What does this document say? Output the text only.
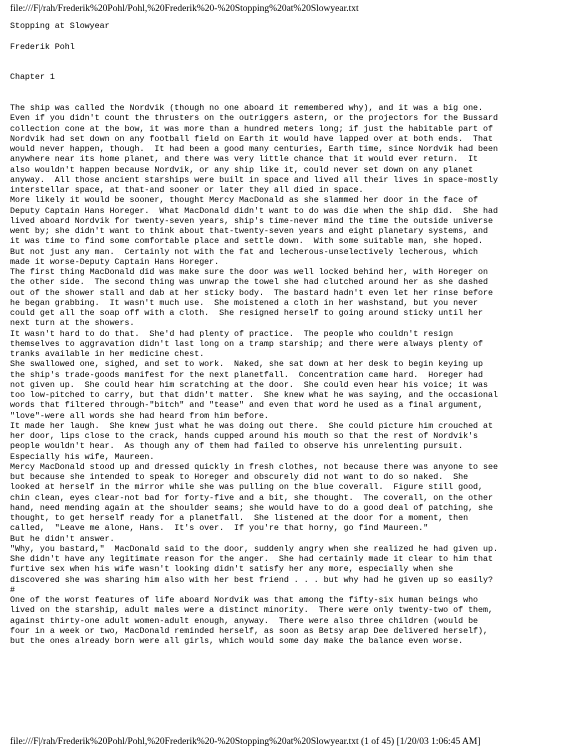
file:///F|/rah/Frederik%20Pohl/Pohl,%20Frederik%20-%20Stopping%20at%20Slowyear.txt
Stopping at Slowyear
Frederik Pohl
Chapter 1
The ship was called the Nordvik (though no one aboard it remembered why), and it was a big one.
Even if you didn't count the thrusters on the outriggers astern, or the projectors for the Bussard
collection cone at the bow, it was more than a hundred meters long; if just the habitable part of
Nordvik had set down on any football field on Earth it would have lapped over at both ends.  That
would never happen, though.  It had been a good many centuries, Earth time, since Nordvik had been
anywhere near its home planet, and there was very little chance that it would ever return.  It
also wouldn't happen because Nordvik, or any ship like it, could never set down on any planet
anyway.  All those ancient starships were built in space and lived all their lives in space-mostly
interstellar space, at that-and sooner or later they all died in space.
More likely it would be sooner, thought Mercy MacDonald as she slammed her door in the face of
Deputy Captain Hans Horeger.  What MacDonald didn't want to do was die when the ship did.  She had
lived aboard Nordvik for twenty-seven years, ship's time-never mind the time the outside universe
went by; she didn't want to think about that-twenty-seven years and eight planetary systems, and
it was time to find some comfortable place and settle down.  With some suitable man, she hoped.
But not just any man.  Certainly not with the fat and lecherous-unselectively lecherous, which
made it worse-Deputy Captain Hans Horeger.
The first thing MacDonald did was make sure the door was well locked behind her, with Horeger on
the other side.  The second thing was unwrap the towel she had clutched around her as she dashed
out of the shower stall and dab at her sticky body.  The bastard hadn't even let her rinse before
he began grabbing.  It wasn't much use.  She moistened a cloth in her washstand, but you never
could get all the soap off with a cloth.  She resigned herself to going around sticky until her
next turn at the showers.
It wasn't hard to do that.  She'd had plenty of practice.  The people who couldn't resign
themselves to aggravation didn't last long on a tramp starship; and there were always plenty of
tranks available in her medicine chest.
She swallowed one, sighed, and set to work.  Naked, she sat down at her desk to begin keying up
the ship's trade-goods manifest for the next planetfall.  Concentration came hard.  Horeger had
not given up.  She could hear him scratching at the door.  She could even hear his voice; it was
too low-pitched to carry, but that didn't matter.  She knew what he was saying, and the occasional
words that filtered through-"bitch" and "tease" and even that word he used as a final argument,
"love"-were all words she had heard from him before.
It made her laugh.  She knew just what he was doing out there.  She could picture him crouched at
her door, lips close to the crack, hands cupped around his mouth so that the rest of Nordvik's
people wouldn't hear.  As though any of them had failed to observe his unrelenting pursuit.
Especially his wife, Maureen.
Mercy MacDonald stood up and dressed quickly in fresh clothes, not because there was anyone to see
but because she intended to speak to Horeger and obscurely did not want to do so naked.  She
looked at herself in the mirror while she was pulling on the blue coverall.  Figure still good,
chin clean, eyes clear-not bad for forty-five and a bit, she thought.  The coverall, on the other
hand, need mending again at the shoulder seams; she would have to do a good deal of patching, she
thought, to get herself ready for a planetfall.  She listened at the door for a moment, then
called,  "Leave me alone, Hans.  It's over.  If you're that horny, go find Maureen."
But he didn't answer.
"Why, you bastard,"  MacDonald said to the door, suddenly angry when she realized he had given up.
She didn't have any legitimate reason for the anger.  She had certainly made it clear to him that
furtive sex when his wife wasn't looking didn't satisfy her any more, especially when she
discovered she was sharing him also with her best friend . . . but why had he given up so easily?
#
One of the worst features of life aboard Nordvik was that among the fifty-six human beings who
lived on the starship, adult males were a distinct minority.  There were only twenty-two of them,
against thirty-one adult women-adult enough, anyway.  There were also three children (would be
four in a week or two, MacDonald reminded herself, as soon as Betsy arap Dee delivered herself),
but the ones already born were all girls, which would some day make the balance even worse.
file:///F|/rah/Frederik%20Pohl/Pohl,%20Frederik%20-%20Stopping%20at%20Slowyear.txt (1 of 45) [1/20/03 1:06:45 AM]
